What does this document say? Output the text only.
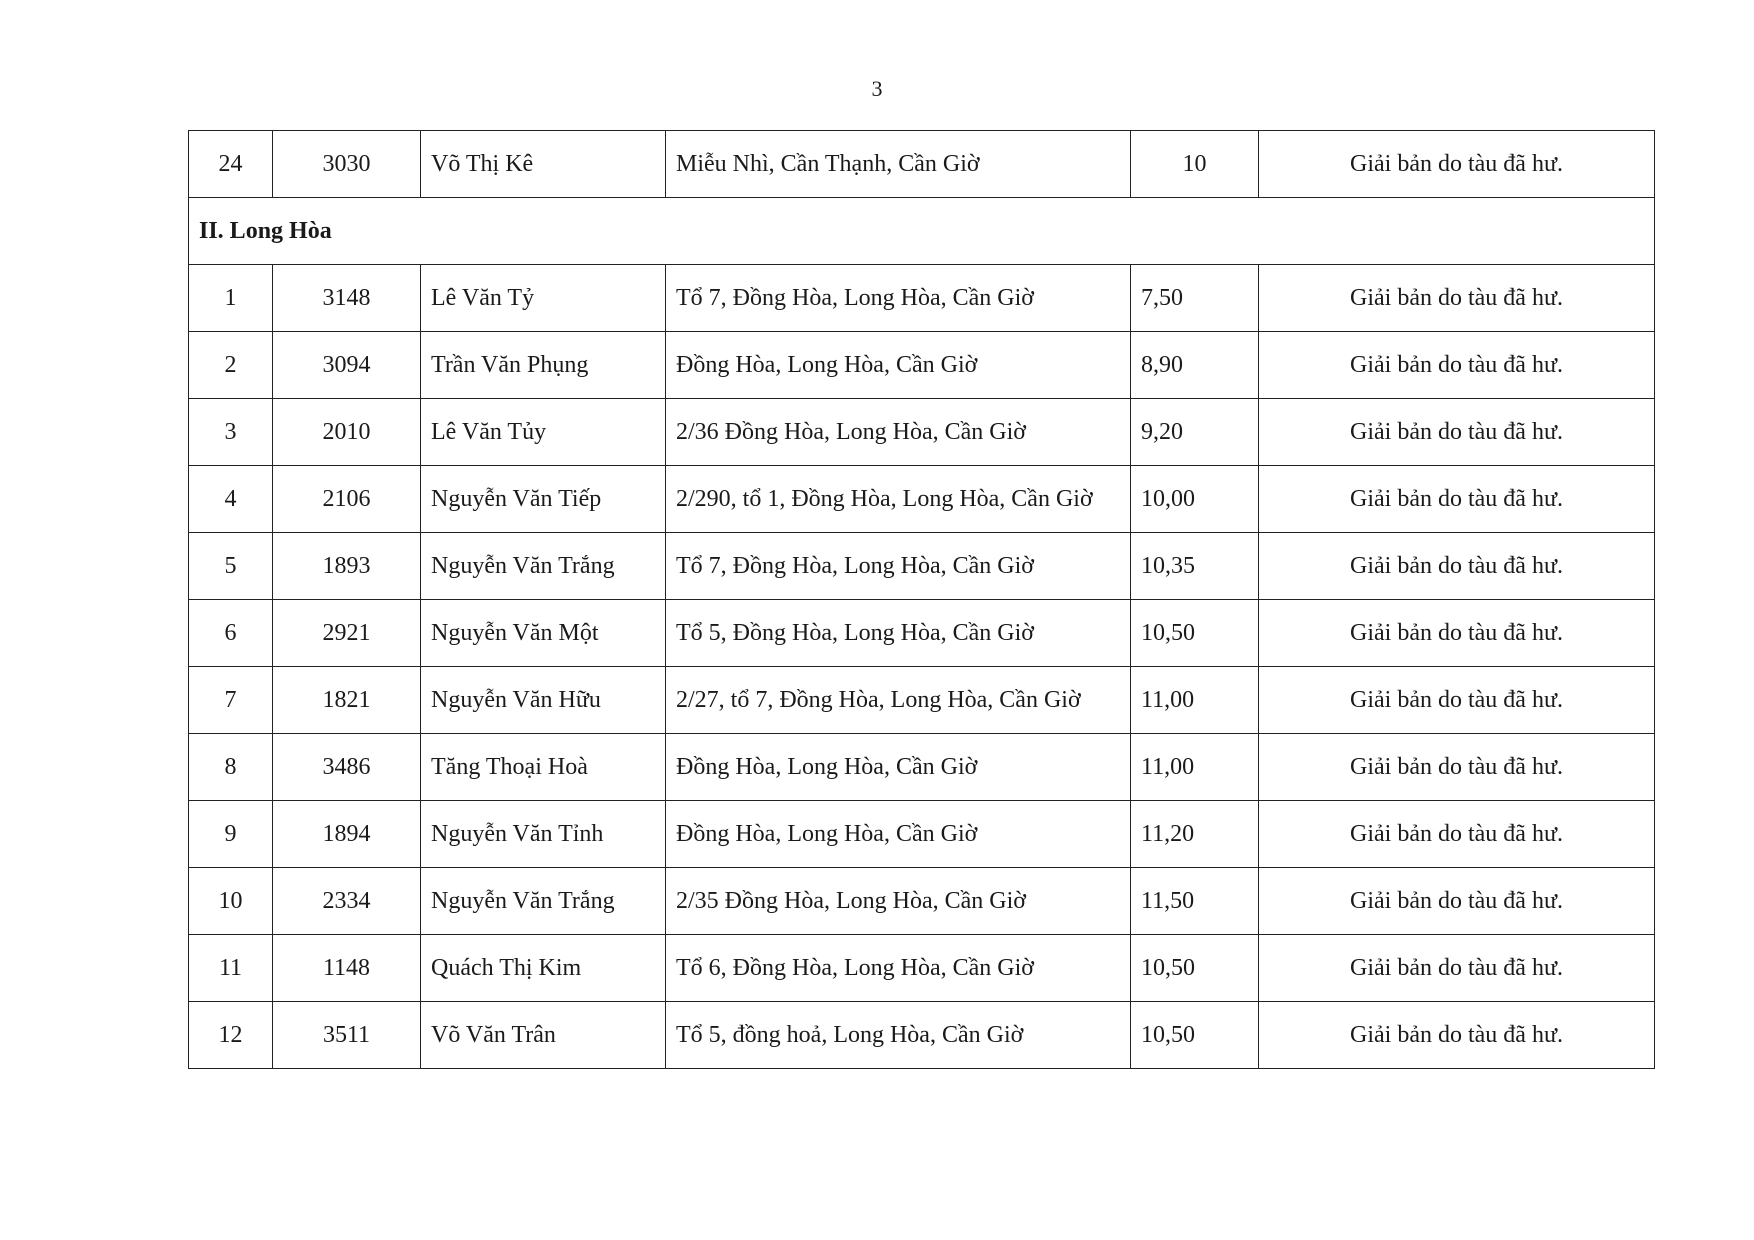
3
24	3030	Võ Thị Kê	Miễu Nhì, Cần Thạnh, Cần Giờ	10	Giải bản do tàu đã hư.
II. Long Hòa					
1	3148	Lê Văn Tỷ	Tổ 7, Đồng Hòa, Long Hòa, Cần Giờ	7,50	Giải bản do tàu đã hư.
2	3094	Trần Văn Phụng	Đồng Hòa, Long Hòa, Cần Giờ	8,90	Giải bản do tàu đã hư.
3	2010	Lê Văn Tủy	2/36 Đồng Hòa, Long Hòa, Cần Giờ	9,20	Giải bản do tàu đã hư.
4	2106	Nguyễn Văn Tiếp	2/290, tổ 1, Đồng Hòa, Long Hòa, Cần Giờ	10,00	Giải bản do tàu đã hư.
5	1893	Nguyễn Văn Trắng	Tổ 7, Đồng Hòa, Long Hòa, Cần Giờ	10,35	Giải bản do tàu đã hư.
6	2921	Nguyễn Văn Một	Tổ 5, Đồng Hòa, Long Hòa, Cần Giờ	10,50	Giải bản do tàu đã hư.
7	1821	Nguyễn Văn Hữu	2/27, tổ 7, Đồng Hòa, Long Hòa, Cần Giờ	11,00	Giải bản do tàu đã hư.
8	3486	Tăng Thoại Hoà	Đồng Hòa, Long Hòa, Cần Giờ	11,00	Giải bản do tàu đã hư.
9	1894	Nguyễn Văn Tỉnh	Đồng Hòa, Long Hòa, Cần Giờ	11,20	Giải bản do tàu đã hư.
10	2334	Nguyễn Văn Trắng	2/35 Đồng Hòa, Long Hòa, Cần Giờ	11,50	Giải bản do tàu đã hư.
11	1148	Quách Thị Kim	Tổ 6, Đồng Hòa, Long Hòa, Cần Giờ	10,50	Giải bản do tàu đã hư.
12	3511	Võ Văn Trân	Tổ 5, đồng hoả, Long Hòa, Cần Giờ	10,50	Giải bản do tàu đã hư.
